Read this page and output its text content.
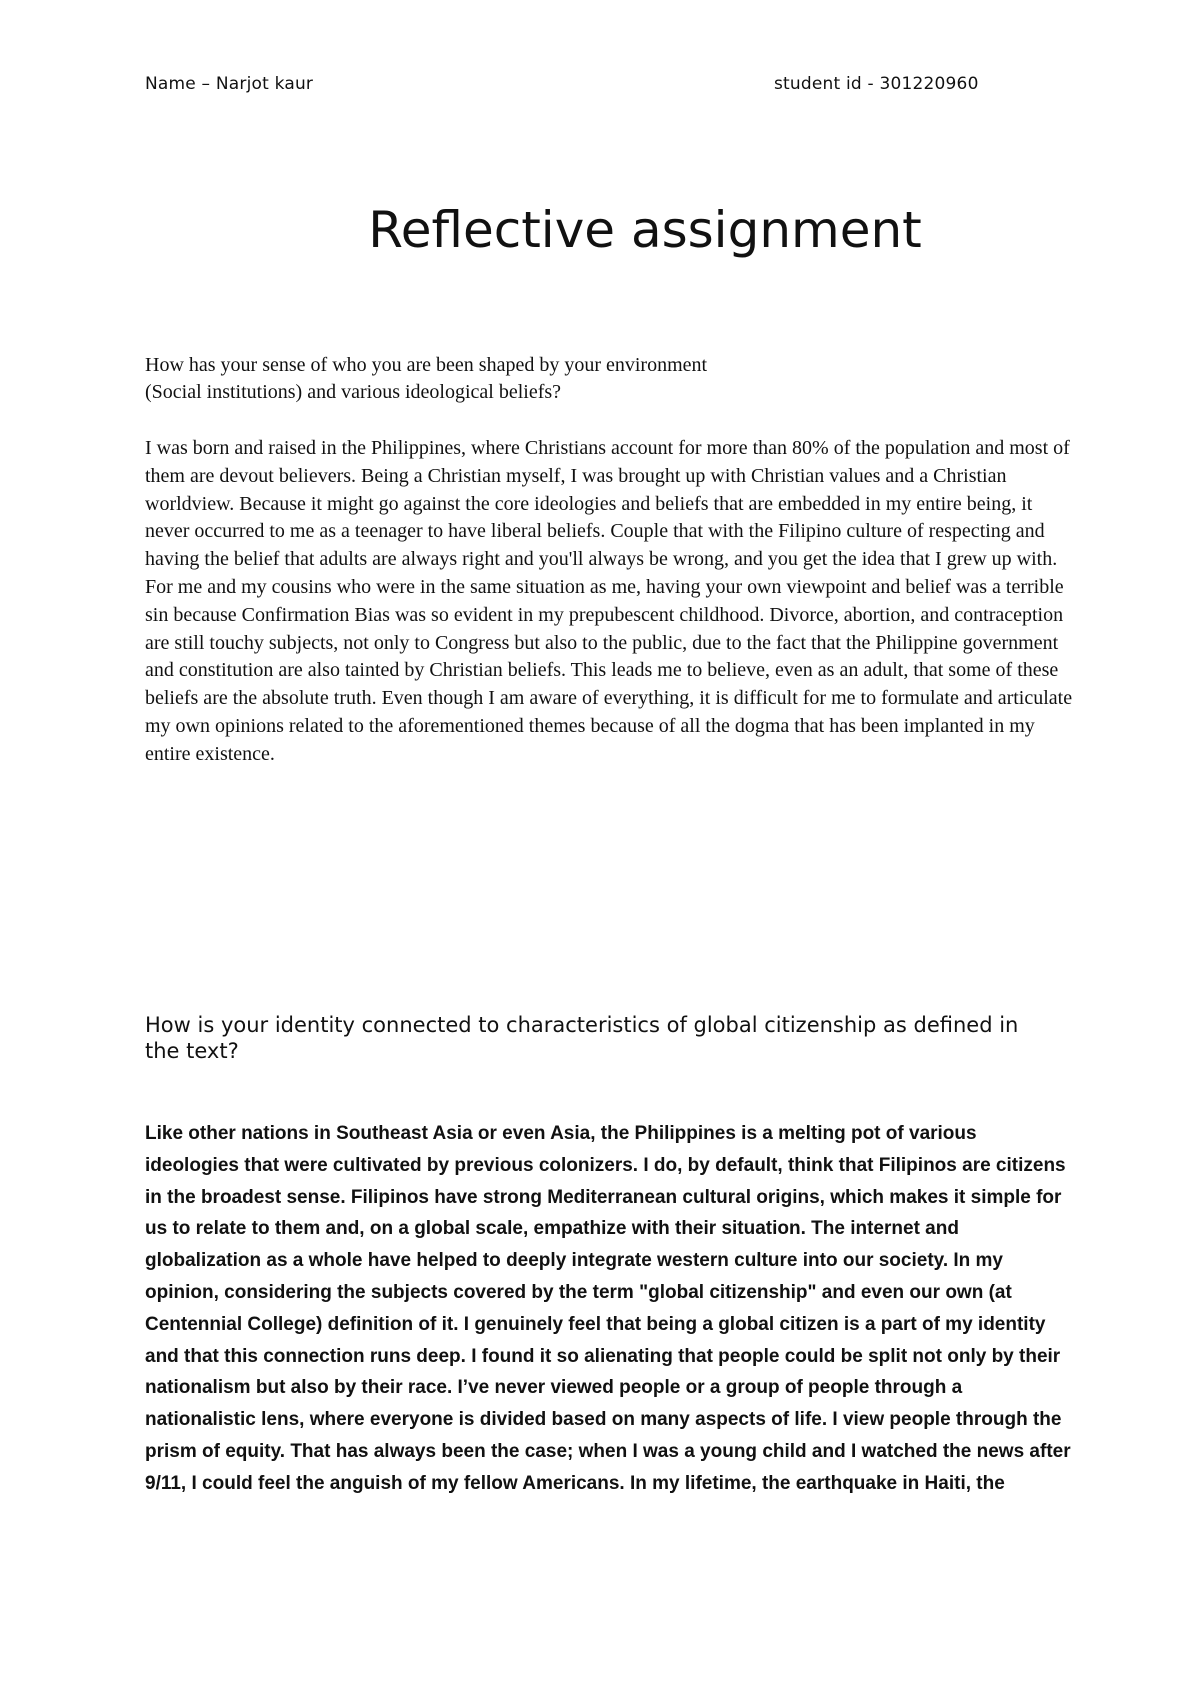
Name – Narjot kaur	student id - 301220960
Reflective assignment

How has your sense of who you are been shaped by your environment
(Social institutions) and various ideological beliefs?

I was born and raised in the Philippines, where Christians account for more than 80% of the population and most of them are devout believers. Being a Christian myself, I was brought up with Christian values and a Christian worldview. Because it might go against the core ideologies and beliefs that are embedded in my entire being, it never occurred to me as a teenager to have liberal beliefs. Couple that with the Filipino culture of respecting and having the belief that adults are always right and you'll always be wrong, and you get the idea that I grew up with. For me and my cousins who were in the same situation as me, having your own viewpoint and belief was a terrible sin because Confirmation Bias was so evident in my prepubescent childhood. Divorce, abortion, and contraception are still touchy subjects, not only to Congress but also to the public, due to the fact that the Philippine government and constitution are also tainted by Christian beliefs. This leads me to believe, even as an adult, that some of these beliefs are the absolute truth. Even though I am aware of everything, it is difficult for me to formulate and articulate my own opinions related to the aforementioned themes because of all the dogma that has been implanted in my entire existence.

How is your identity connected to characteristics of global citizenship as defined in the text?

Like other nations in Southeast Asia or even Asia, the Philippines is a melting pot of various ideologies that were cultivated by previous colonizers. I do, by default, think that Filipinos are citizens in the broadest sense. Filipinos have strong Mediterranean cultural origins, which makes it simple for us to relate to them and, on a global scale, empathize with their situation. The internet and globalization as a whole have helped to deeply integrate western culture into our society. In my opinion, considering the subjects covered by the term "global citizenship" and even our own (at Centennial College) definition of it. I genuinely feel that being a global citizen is a part of my identity and that this connection runs deep. I found it so alienating that people could be split not only by their nationalism but also by their race. I’ve never viewed people or a group of people through a nationalistic lens, where everyone is divided based on many aspects of life. I view people through the prism of equity. That has always been the case; when I was a young child and I watched the news after 9/11, I could feel the anguish of my fellow Americans. In my lifetime, the earthquake in Haiti, the
